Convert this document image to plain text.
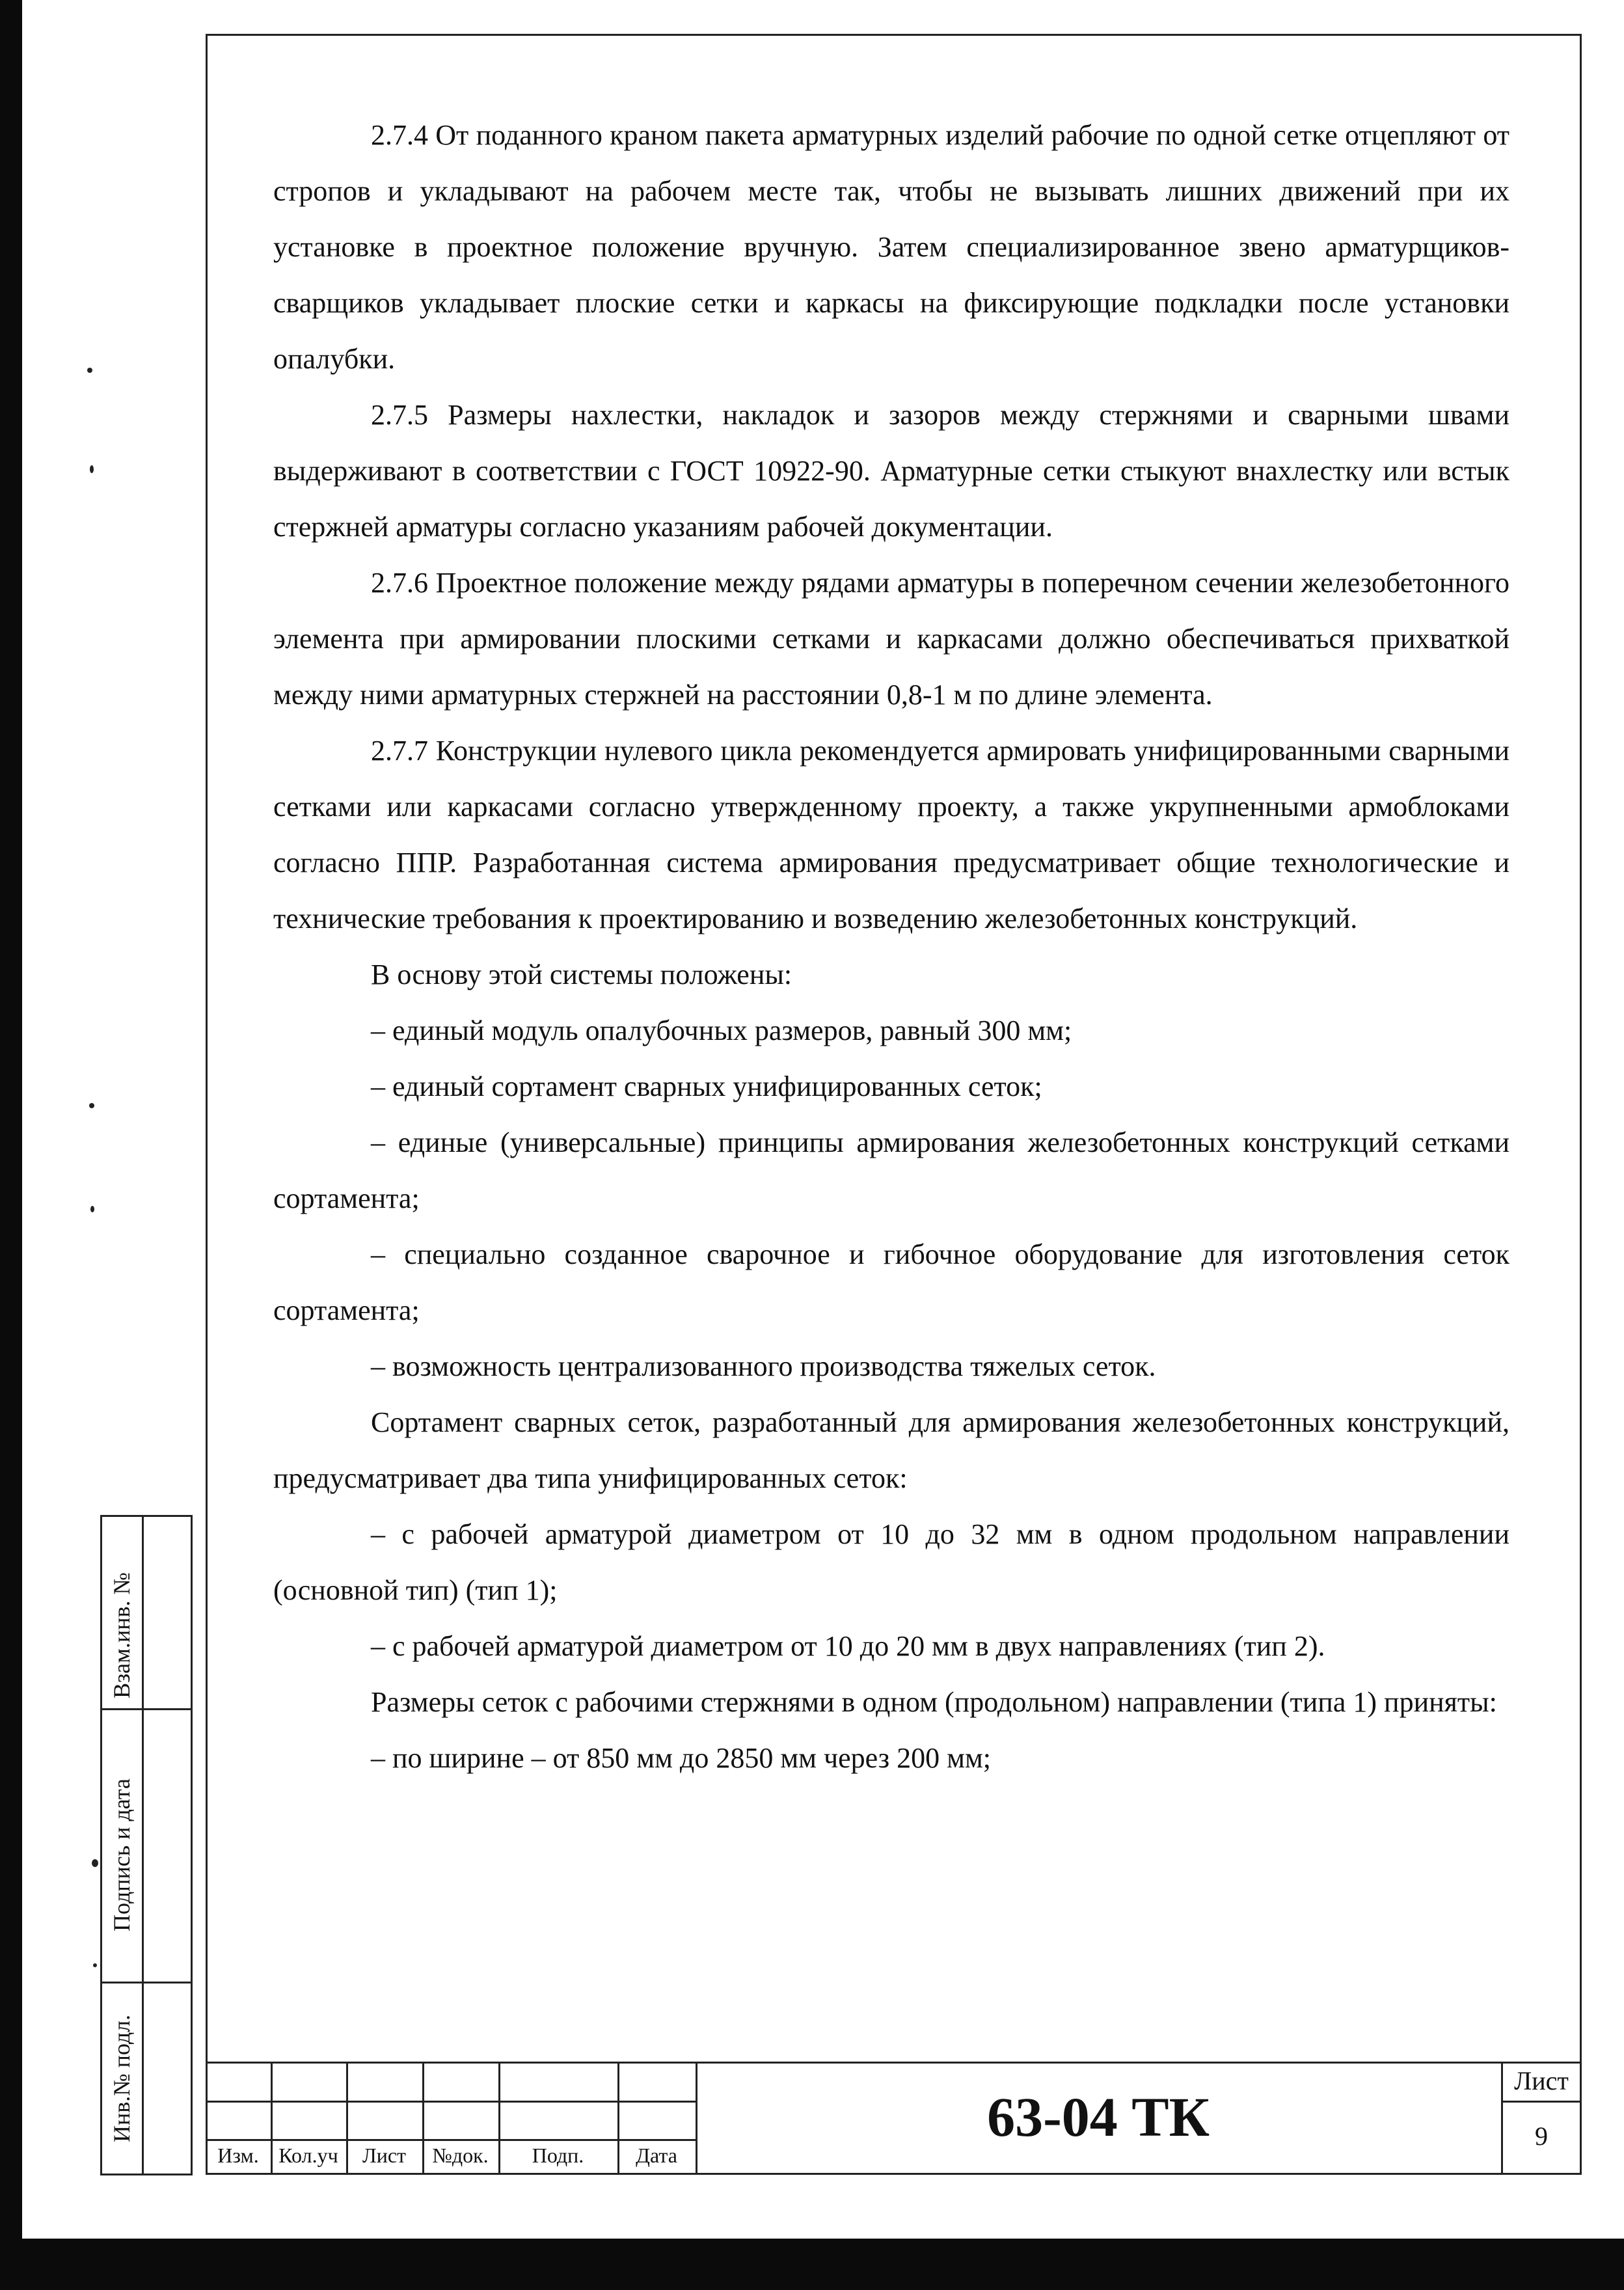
2.7.4 От поданного краном пакета арматурных изделий рабочие по одной сетке отцепляют от стропов и укладывают на рабочем месте так, чтобы не вызывать лишних движений при их установке в проектное положение вручную. Затем специализированное звено арматурщиков-сварщиков укладывает плоские сетки и каркасы на фиксирующие подкладки после установки опалубки.

2.7.5 Размеры нахлестки, накладок и зазоров между стержнями и сварными швами выдерживают в соответствии с ГОСТ 10922-90. Арматурные сетки стыкуют внахлестку или встык стержней арматуры согласно указаниям рабочей документации.

2.7.6 Проектное положение между рядами арматуры в поперечном сечении железобетонного элемента при армировании плоскими сетками и каркасами должно обеспечиваться прихваткой между ними арматурных стержней на расстоянии 0,8-1 м по длине элемента.

2.7.7 Конструкции нулевого цикла рекомендуется армировать унифицированными сварными сетками или каркасами согласно утвержденному проекту, а также укрупненными армоблоками согласно ППР. Разработанная система армирования предусматривает общие технологические и технические требования к проектированию и возведению железобетонных конструкций.

В основу этой системы положены:

– единый модуль опалубочных размеров, равный 300 мм;

– единый сортамент сварных унифицированных сеток;

– единые (универсальные) принципы армирования железобетонных конструкций сетками сортамента;

– специально созданное сварочное и гибочное оборудование для изготовления сеток сортамента;

– возможность централизованного производства тяжелых сеток.

Сортамент сварных сеток, разработанный для армирования железобетонных конструкций, предусматривает два типа унифицированных сеток:

– с рабочей арматурой диаметром от 10 до 32 мм в одном продольном направлении (основной тип) (тип 1);

– с рабочей арматурой диаметром от 10 до 20 мм в двух направлениях (тип 2).

Размеры сеток с рабочими стержнями в одном (продольном) направлении (типа 1) приняты:

– по ширине – от 850 мм до 2850 мм через 200 мм;

Взам.инв. №
Подпись и дата
Инв.№ подл.
Изм. Кол.уч	Лист	№док.	Подп.	Дата
63-04 ТК
Лист
9
